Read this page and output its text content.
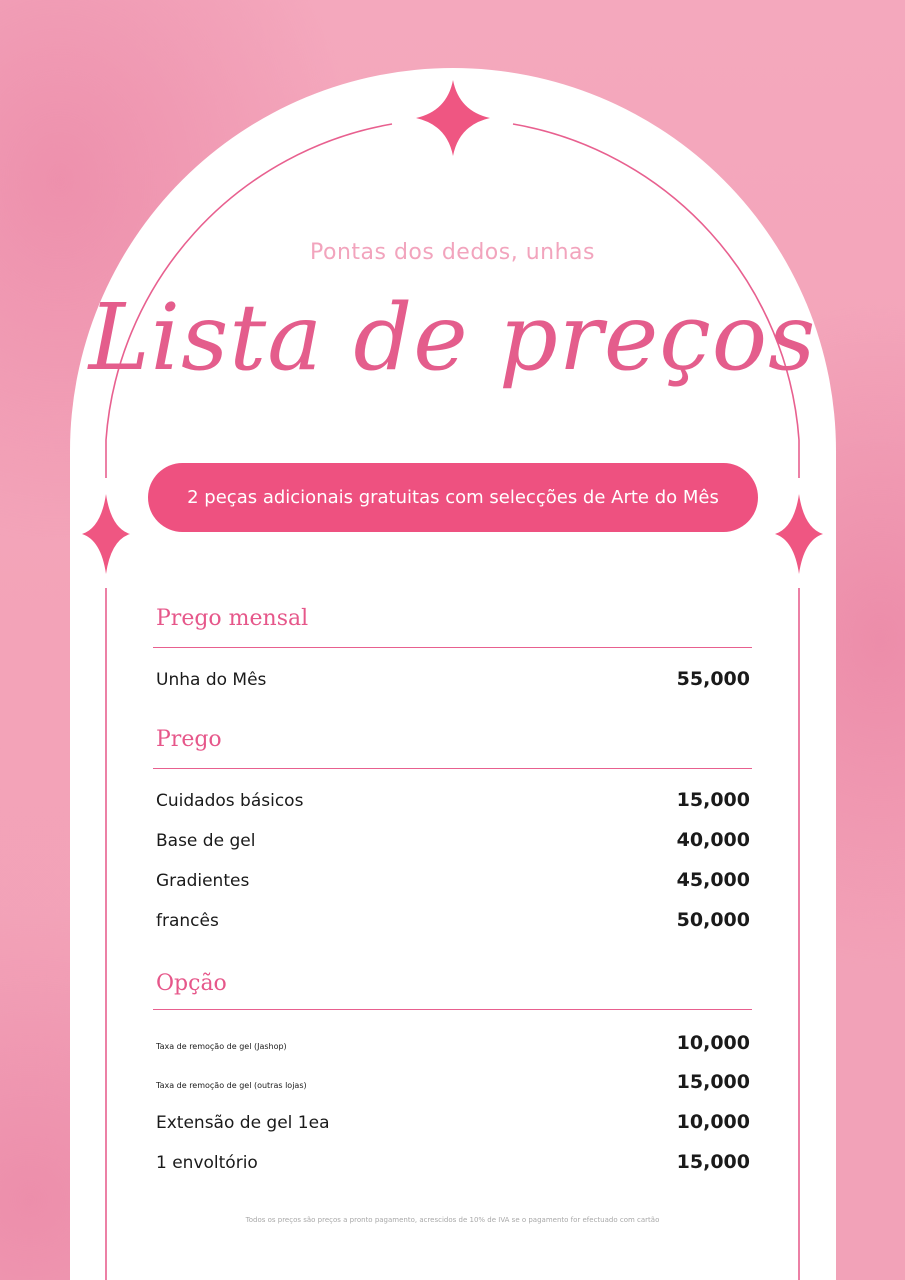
Pontas dos dedos, unhas
Lista de preços
2 peças adicionais gratuitas com selecções de Arte do Mês
Prego mensal
Unha do Mês	55,000
Prego
Cuidados básicos	15,000
Base de gel	40,000
Gradientes	45,000
francês	50,000
Opção
Taxa de remoção de gel (Jashop)	10,000
Taxa de remoção de gel (outras lojas)	15,000
Extensão de gel 1ea	10,000
1 envoltório	15,000
Todos os preços são preços a pronto pagamento, acrescidos de 10% de IVA se o pagamento for efectuado com cartão
